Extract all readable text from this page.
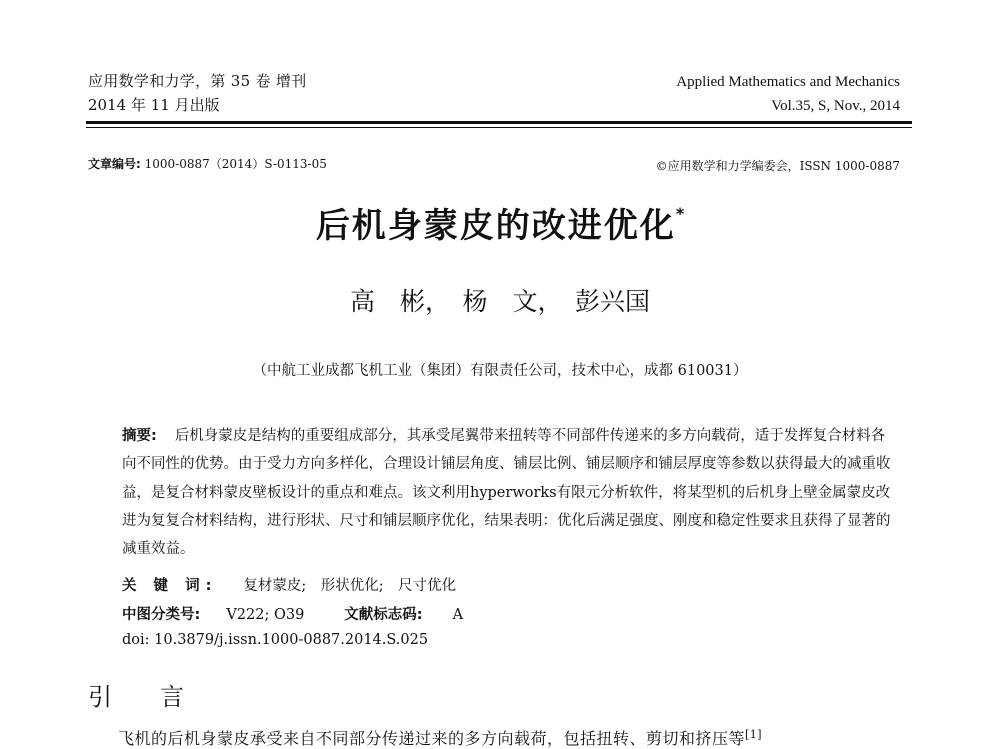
应用数学和力学，第 35 卷 增刊
2014 年 11 月出版
Applied Mathematics and Mechanics
Vol.35, S, Nov., 2014
文章编号: 1000-0887（2014）S-0113-05	©应用数学和力学编委会，ISSN 1000-0887
后机身蒙皮的改进优化*
高　彬，　杨　文，　彭兴国
（中航工业成都飞机工业（集团）有限责任公司，技术中心，成都 610031）
摘要: 后机身蒙皮是结构的重要组成部分，其承受尾翼带来扭转等不同部件传递来的多方向载荷，适于发挥复合材料各向不同性的优势。由于受力方向多样化，合理设计铺层角度、铺层比例、铺层顺序和铺层厚度等参数以获得最大的减重收益，是复合材料蒙皮壁板设计的重点和难点。该文利用hyperworks有限元分析软件，将某型机的后机身上壁金属蒙皮改进为复复合材料结构，进行形状、尺寸和铺层顺序优化，结果表明：优化后满足强度、刚度和稳定性要求且获得了显著的减重效益。
关 键 词: 复材蒙皮;　形状优化;　尺寸优化
中图分类号: V222; O39	文献标志码: A
doi: 10.3879/j.issn.1000-0887.2014.S.025
引言
飞机的后机身蒙皮承受来自不同部分传递过来的多方向载荷，包括扭转、剪切和挤压等[1]
